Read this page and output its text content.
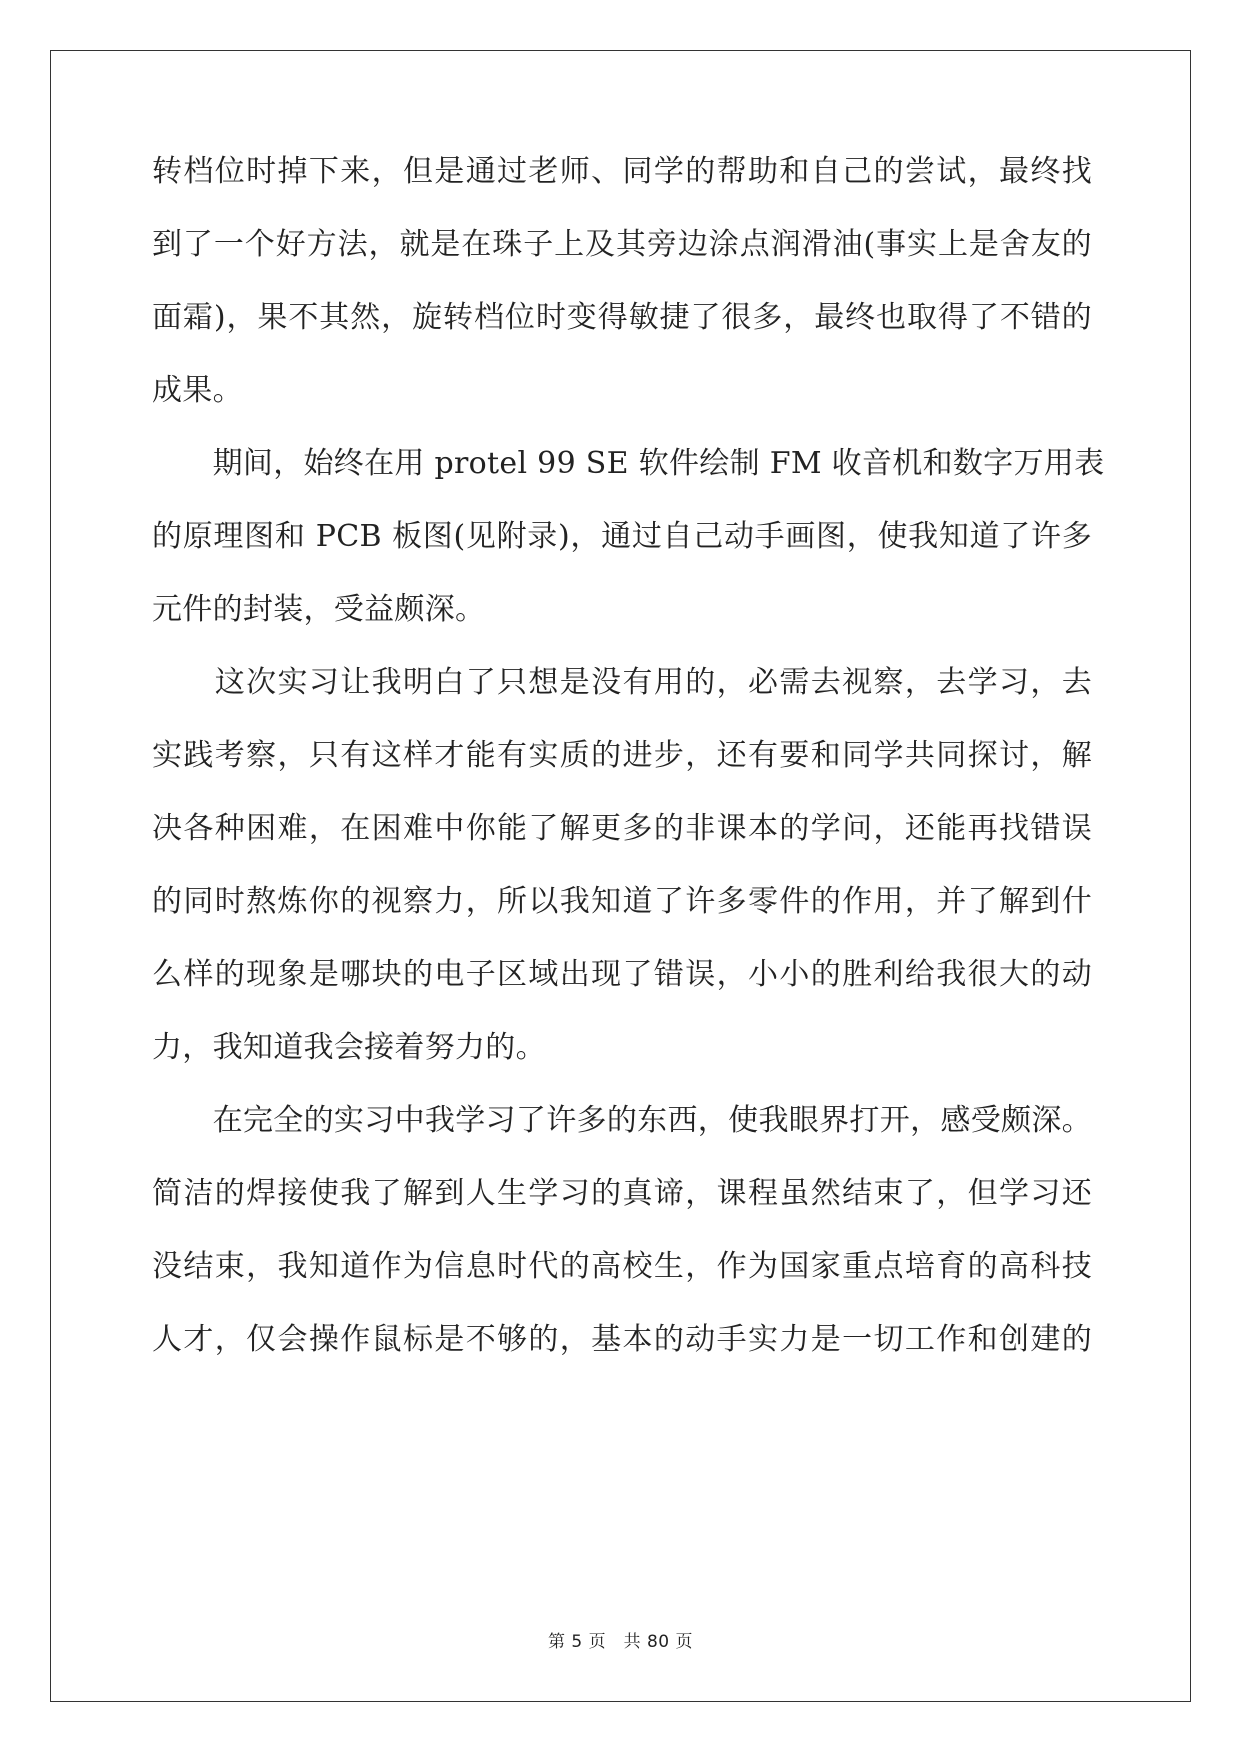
转档位时掉下来，但是通过老师、同学的帮助和自己的尝试，最终找

到了一个好方法，就是在珠子上及其旁边涂点润滑油(事实上是舍友的

面霜)，果不其然，旋转档位时变得敏捷了很多，最终也取得了不错的

成果。

　　期间，始终在用 protel 99 SE 软件绘制 FM 收音机和数字万用表

的原理图和 PCB 板图(见附录)，通过自己动手画图，使我知道了许多

元件的封装，受益颇深。

　　这次实习让我明白了只想是没有用的，必需去视察，去学习，去

实践考察，只有这样才能有实质的进步，还有要和同学共同探讨，解

决各种困难，在困难中你能了解更多的非课本的学问，还能再找错误

的同时熬炼你的视察力，所以我知道了许多零件的作用，并了解到什

么样的现象是哪块的电子区域出现了错误，小小的胜利给我很大的动

力，我知道我会接着努力的。

　　在完全的实习中我学习了许多的东西，使我眼界打开，感受颇深。

简洁的焊接使我了解到人生学习的真谛，课程虽然结束了，但学习还

没结束，我知道作为信息时代的高校生，作为国家重点培育的高科技

人才，仅会操作鼠标是不够的，基本的动手实力是一切工作和创建的

第 5 页　共 80 页
